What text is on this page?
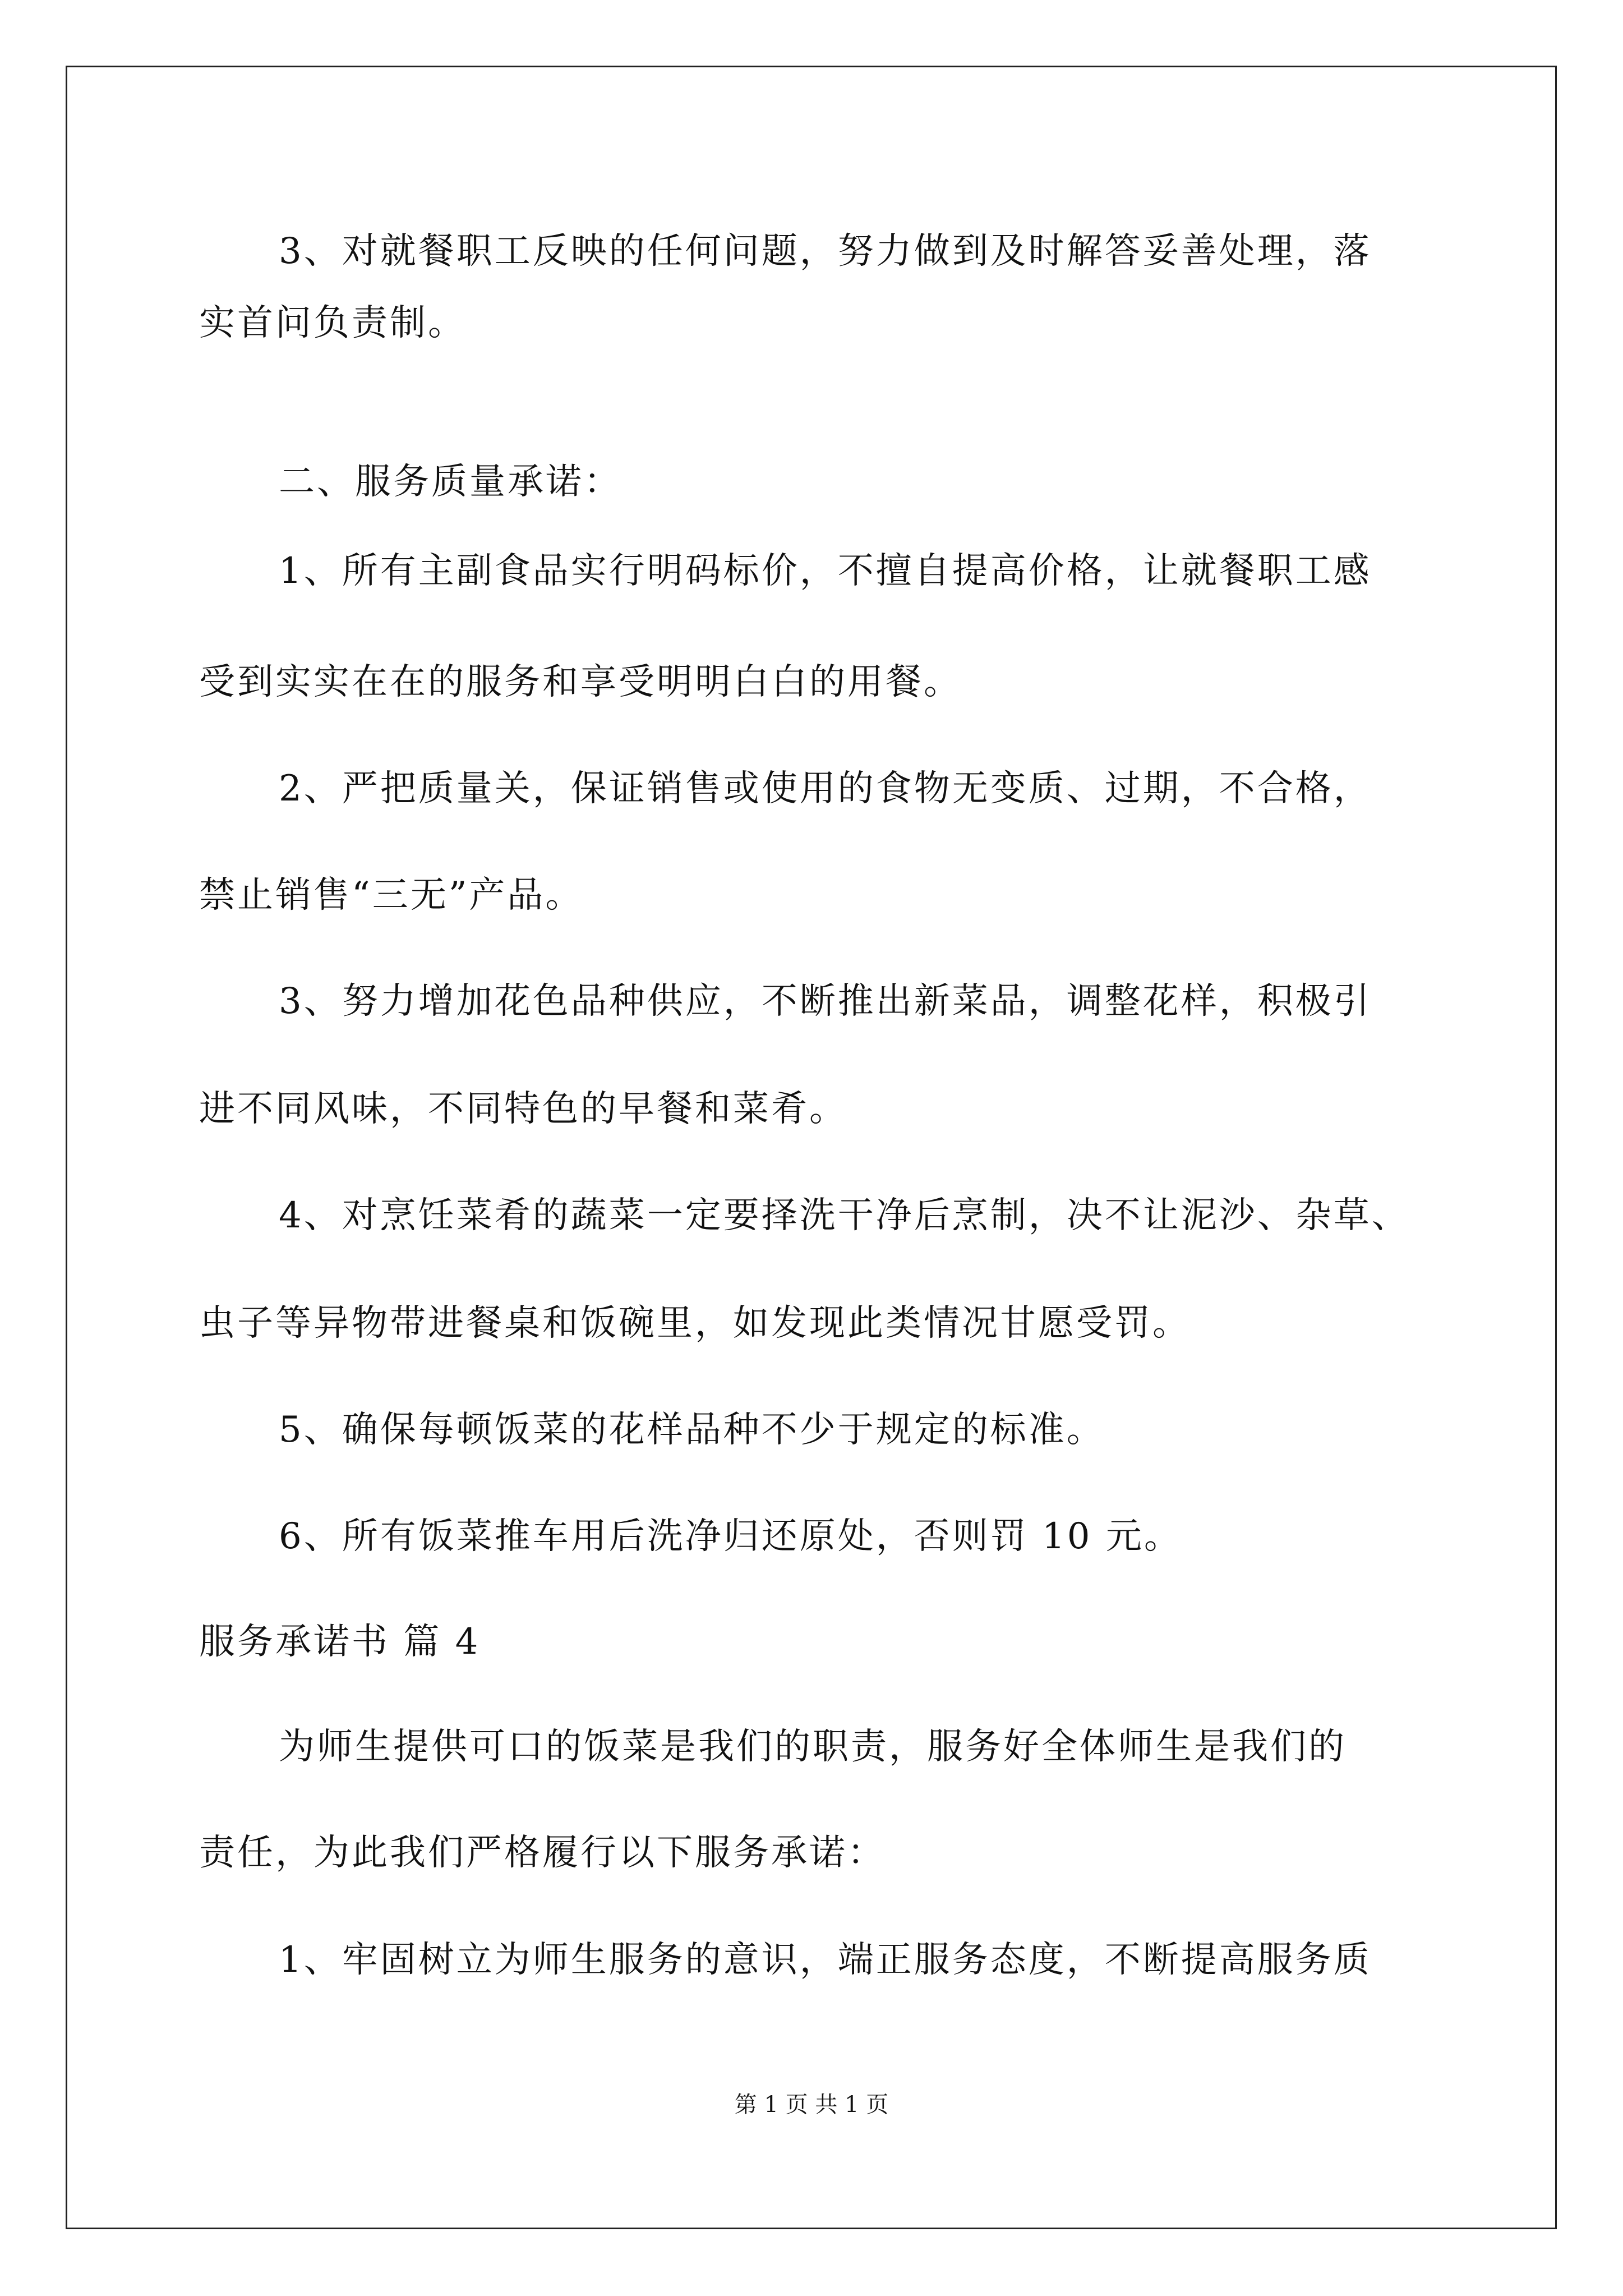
3、对就餐职工反映的任何问题，努力做到及时解答妥善处理，落
实首问负责制。
二、服务质量承诺：
1、所有主副食品实行明码标价，不擅自提高价格，让就餐职工感
受到实实在在的服务和享受明明白白的用餐。
2、严把质量关，保证销售或使用的食物无变质、过期，不合格，
禁止销售“三无”产品。
3、努力增加花色品种供应，不断推出新菜品，调整花样，积极引
进不同风味，不同特色的早餐和菜肴。
4、对烹饪菜肴的蔬菜一定要择洗干净后烹制，决不让泥沙、杂草、
虫子等异物带进餐桌和饭碗里，如发现此类情况甘愿受罚。
5、确保每顿饭菜的花样品种不少于规定的标准。
6、所有饭菜推车用后洗净归还原处，否则罚 10 元。
服务承诺书 篇 4
为师生提供可口的饭菜是我们的职责，服务好全体师生是我们的
责任，为此我们严格履行以下服务承诺：
1、牢固树立为师生服务的意识，端正服务态度，不断提高服务质
第 1 页 共 1 页
